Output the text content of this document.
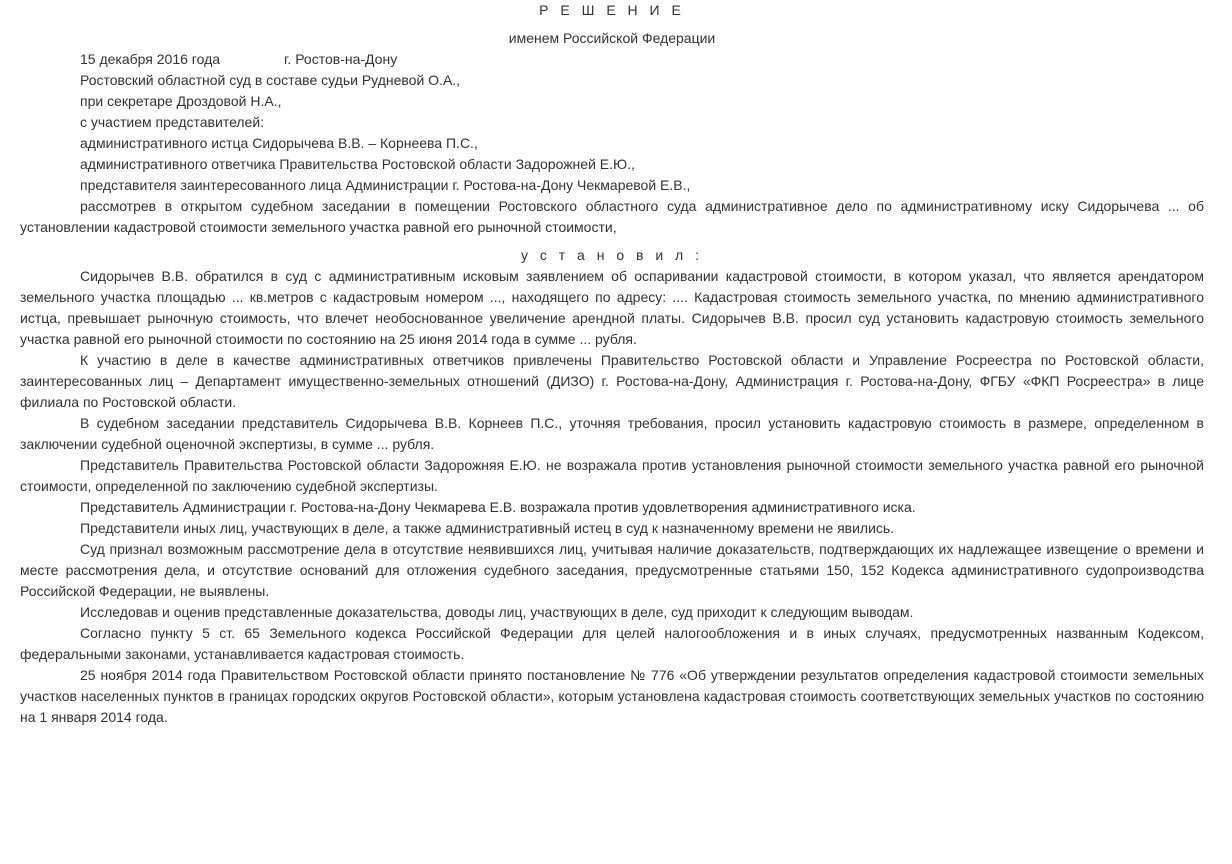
Р Е Ш Е Н И Е

именем Российской Федерации

15 декабря 2016 года	г. Ростов-на-Дону

Ростовский областной суд в составе судьи Рудневой О.А.,

при секретаре Дроздовой Н.А.,

с участием представителей:

административного истца Сидорычева В.В. – Корнеева П.С.,

административного ответчика Правительства Ростовской области Задорожней Е.Ю.,

представителя заинтересованного лица Администрации г. Ростова-на-Дону Чекмаревой Е.В.,

рассмотрев в открытом судебном заседании в помещении Ростовского областного суда административное дело по административному иску Сидорычева ... об установлении кадастровой стоимости земельного участка равной его рыночной стоимости,

у с т а н о в и л :

Сидорычев В.В. обратился в суд с административным исковым заявлением об оспаривании кадастровой стоимости, в котором указал, что является арендатором земельного участка площадью ... кв.метров с кадастровым номером ..., находящего по адресу: .... Кадастровая стоимость земельного участка, по мнению административного истца, превышает рыночную стоимость, что влечет необоснованное увеличение арендной платы. Сидорычев В.В. просил суд установить кадастровую стоимость земельного участка равной его рыночной стоимости по состоянию на 25 июня 2014 года в сумме ... рубля.

К участию в деле в качестве административных ответчиков привлечены Правительство Ростовской области и Управление Росреестра по Ростовской области, заинтересованных лиц – Департамент имущественно-земельных отношений (ДИЗО) г. Ростова-на-Дону, Администрация г. Ростова-на-Дону, ФГБУ «ФКП Росреестра» в лице филиала по Ростовской области.

В судебном заседании представитель Сидорычева В.В. Корнеев П.С., уточняя требования, просил установить кадастровую стоимость в размере, определенном в заключении судебной оценочной экспертизы, в сумме ... рубля.

Представитель Правительства Ростовской области Задорожняя Е.Ю. не возражала против установления рыночной стоимости земельного участка равной его рыночной стоимости, определенной по заключению судебной экспертизы.

Представитель Администрации г. Ростова-на-Дону Чекмарева Е.В. возражала против удовлетворения административного иска.

Представители иных лиц, участвующих в деле, а также административный истец в суд к назначенному времени не явились.

Суд признал возможным рассмотрение дела в отсутствие неявившихся лиц, учитывая наличие доказательств, подтверждающих их надлежащее извещение о времени и месте рассмотрения дела, и отсутствие оснований для отложения судебного заседания, предусмотренные статьями 150, 152 Кодекса административного судопроизводства Российской Федерации, не выявлены.

Исследовав и оценив представленные доказательства, доводы лиц, участвующих в деле, суд приходит к следующим выводам.

Согласно пункту 5 ст. 65 Земельного кодекса Российской Федерации для целей налогообложения и в иных случаях, предусмотренных названным Кодексом, федеральными законами, устанавливается кадастровая стоимость.

25 ноября 2014 года Правительством Ростовской области принято постановление № 776 «Об утверждении результатов определения кадастровой стоимости земельных участков населенных пунктов в границах городских округов Ростовской области», которым установлена кадастровая стоимость соответствующих земельных участков по состоянию на 1 января 2014 года.
